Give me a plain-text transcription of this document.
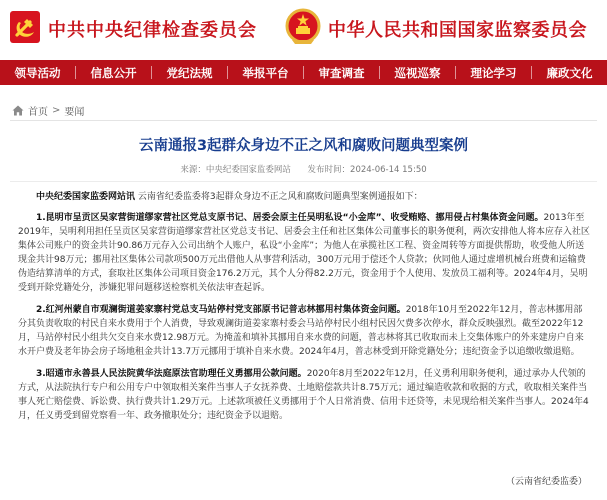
中共中央纪律检查委员会	中华人民共和国国家监察委员会
领导活动	信息公开	党纪法规	举报平台	审查调查	巡视巡察	理论学习	廉政文化
首页 > 要闻
云南通报3起群众身边不正之风和腐败问题典型案例
来源：中央纪委国家监委网站 发布时间：2024-06-14 15:50

中央纪委国家监委网站讯 云南省纪委监委将3起群众身边不正之风和腐败问题典型案例通报如下：

1.昆明市呈贡区吴家营街道缪家营社区党总支原书记、居委会原主任吴明私设“小金库”、收受贿赂、挪用侵占村集体资金问题。2013年至2019年，吴明利用担任呈贡区吴家营街道缪家营社区党总支书记、居委会主任和社区集体公司董事长的职务便利，两次安排他人将本应存入社区集体公司账户的资金共计90.86万元存入公司出纳个人账户，私设“小金库”；为他人在承揽社区工程、资金周转等方面提供帮助，收受他人所送现金共计98万元；挪用社区集体公司款项500万元出借他人从事营利活动，300万元用于偿还个人贷款；伙同他人通过虚增机械台班费和运输费伪造结算清单的方式，套取社区集体公司项目资金176.2万元，其个人分得82.2万元，资金用于个人使用、发放员工福利等。2024年4月，吴明受到开除党籍处分，涉嫌犯罪问题移送检察机关依法审查起诉。

2.红河州蒙自市观澜街道姜家寨村党总支马站停村党支部原书记普志林挪用村集体资金问题。2018年10月至2022年12月，普志林挪用部分其负责收取的村民自来水费用于个人消费，导致观澜街道姜家寨村委会马站停村民小组村民因欠费多次停水，群众反映强烈。截至2022年12月，马站停村民小组共欠交自来水费12.98万元。为掩盖和填补其挪用自来水费的问题，普志林将其已收取而未上交集体账户的外来建房户自来水开户费及老年协会房子场地租金共计13.7万元挪用于填补自来水费。2024年4月，普志林受到开除党籍处分；违纪资金予以追缴收缴退赔。

3.昭通市永善县人民法院黄华法庭原法官助理任义勇挪用公款问题。2020年8月至2022年12月，任义勇利用职务便利，通过承办人代领的方式，从法院执行专户和公用专户中领取相关案件当事人子女抚养费、土地赔偿款共计8.75万元；通过编造收款和收据的方式，收取相关案件当事人死亡赔偿费、诉讼费、执行费共计1.29万元。上述款项被任义勇挪用于个人日常消费、信用卡还贷等，未见现给相关案件当事人。2024年4月，任义勇受到留党察看一年、政务撤职处分；违纪资金予以退赔。

（云南省纪委监委）
